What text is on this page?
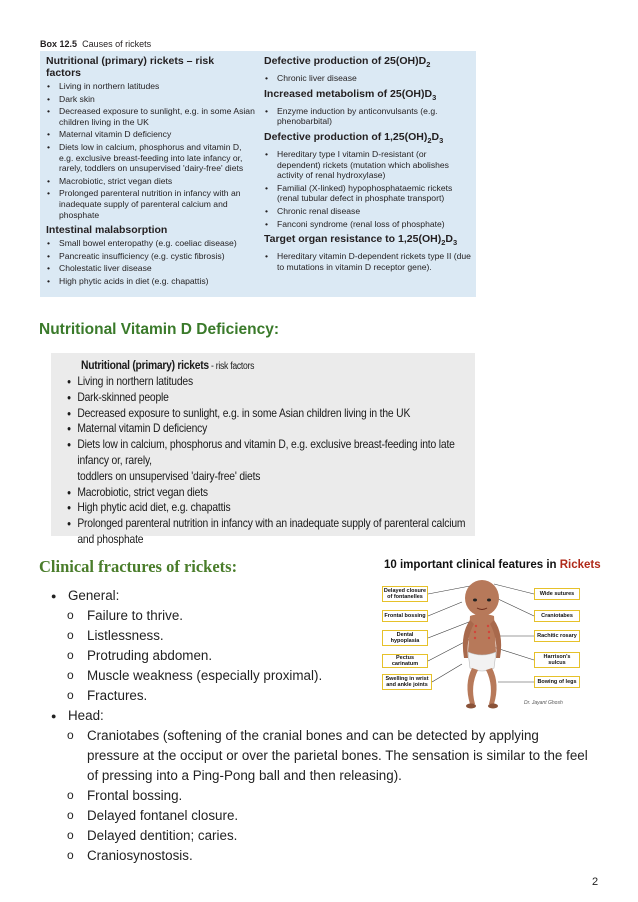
Box 12.5 Causes of rickets
Nutritional (primary) rickets – risk factors
• Living in northern latitudes
• Dark skin
• Decreased exposure to sunlight, e.g. in some Asian children living in the UK
• Maternal vitamin D deficiency
• Diets low in calcium, phosphorus and vitamin D, e.g. exclusive breast-feeding into late infancy or, rarely, toddlers on unsupervised 'dairy-free' diets
• Macrobiotic, strict vegan diets
• Prolonged parenteral nutrition in infancy with an inadequate supply of parenteral calcium and phosphate
Intestinal malabsorption
• Small bowel enteropathy (e.g. coeliac disease)
• Pancreatic insufficiency (e.g. cystic fibrosis)
• Cholestatic liver disease
• High phytic acids in diet (e.g. chapattis)
Defective production of $25(OH)D_2$
• Chronic liver disease
Increased metabolism of $25(OH)D_3$
• Enzyme induction by anticonvulsants (e.g. phenobarbital)
Defective production of $1,25(OH)_2D_3$
• Hereditary type I vitamin D-resistant (or dependent) rickets (mutation which abolishes activity of renal hydroxylase)
• Familial (X-linked) hypophosphataemic rickets (renal tubular defect in phosphate transport)
• Chronic renal disease
• Fanconi syndrome (renal loss of phosphate)
Target organ resistance to $1,25(OH)_2D_3$
• Hereditary vitamin D-dependent rickets type II (due to mutations in vitamin D receptor gene).
Nutritional Vitamin D Deficiency:
Nutritional (primary) rickets - risk factors
● Living in northern latitudes
● Dark-skinned people
● Decreased exposure to sunlight, e.g. in some Asian children living in the UK
● Maternal vitamin D deficiency
● Diets low in calcium, phosphorus and vitamin D, e.g. exclusive breast-feeding into late infancy or, rarely,
toddlers on unsupervised 'dairy-free' diets
● Macrobiotic, strict vegan diets
● High phytic acid diet, e.g. chapattis
● Prolonged parenteral nutrition in infancy with an inadequate supply of parenteral calcium and phosphate
Clinical fractures of rickets:
● General:
o Failure to thrive.
o Listlessness.
o Protruding abdomen.
o Muscle weakness (especially proximal).
o Fractures.
● Head:
o Craniotabes (softening of the cranial bones and can be detected by applying pressure at the occiput or over the parietal bones. The sensation is similar to the feel of pressing into a Ping-Pong ball and then releasing).
o Frontal bossing.
o Delayed fontanel closure.
o Delayed dentition; caries.
o Craniosynostosis.
10 important clinical features in Rickets
Delayed closure of fontanelles
Frontal bossing
Dental hypoplasia
Pectus carinatum
Swelling in wrist and ankle joints
Wide sutures
Craniotabes
Rachitic rosary
Harrison's sulcus
Bowing of legs
Dr. Jayant Ghosh
2
